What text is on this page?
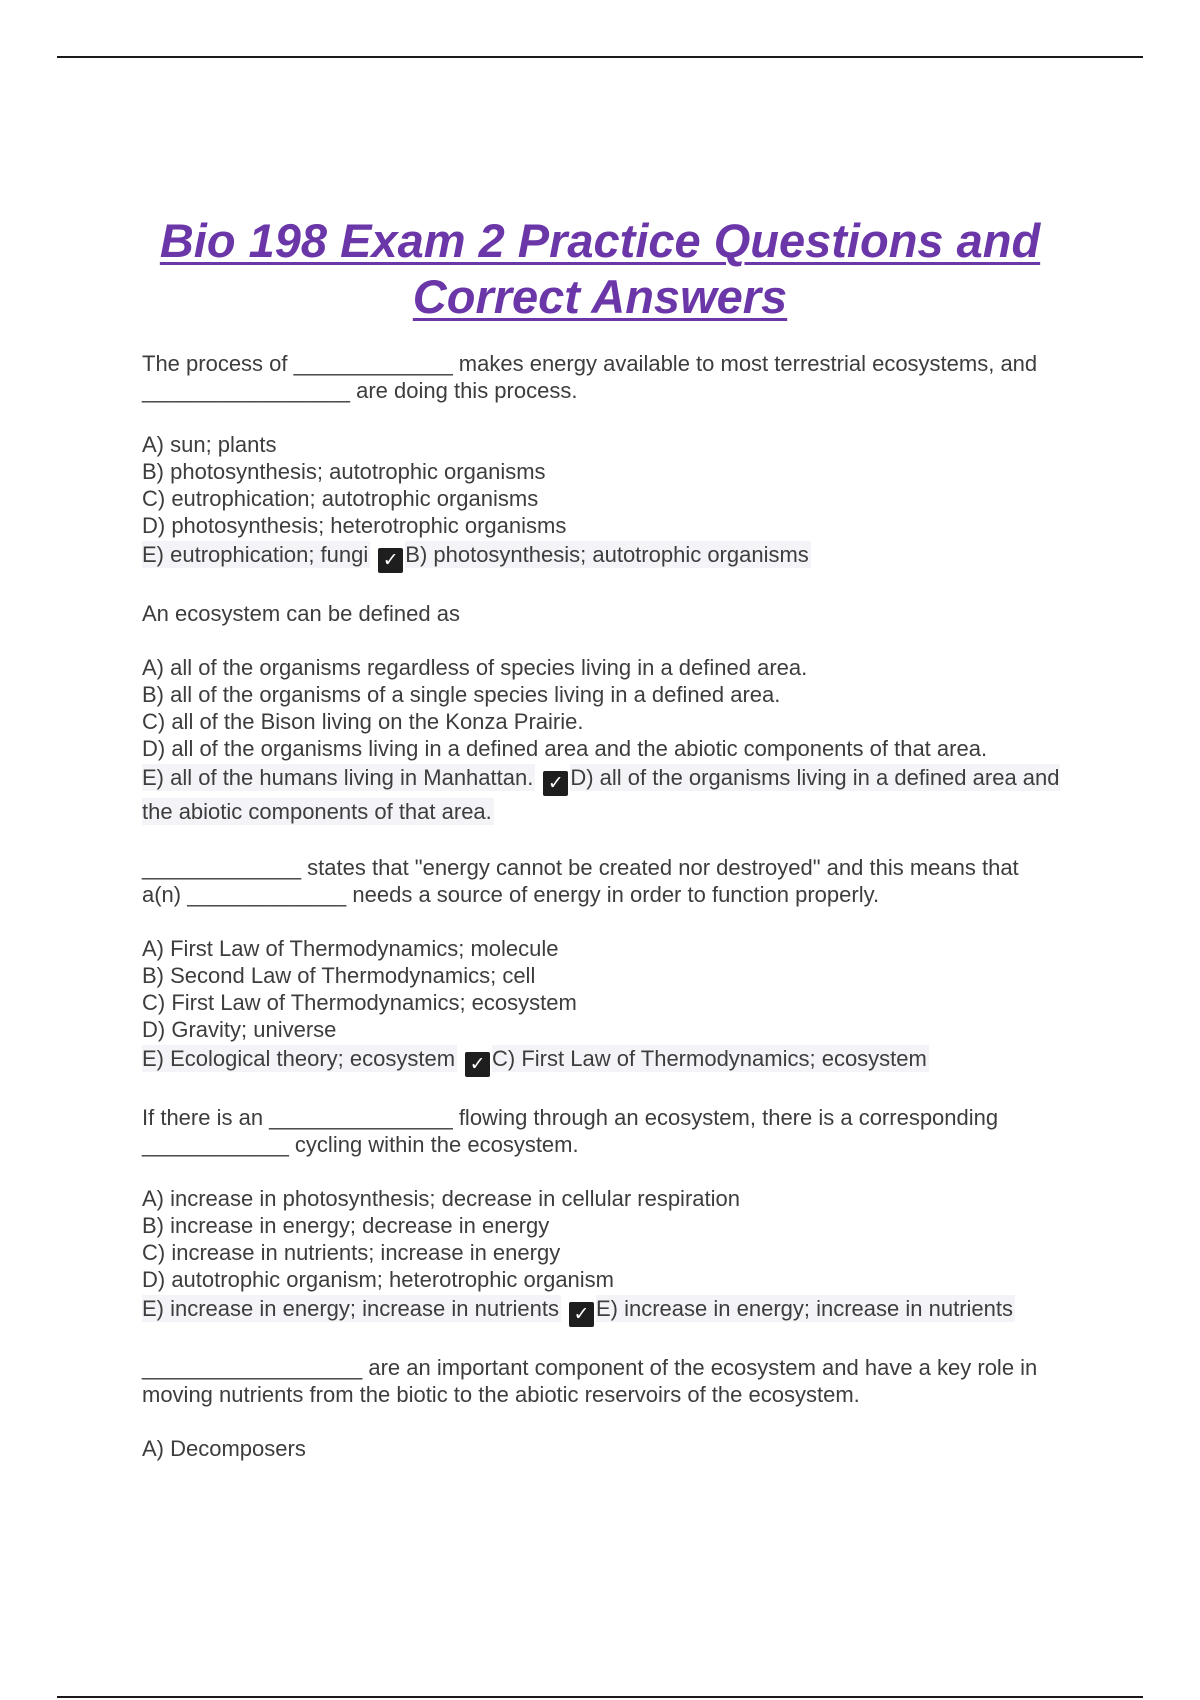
Bio 198 Exam 2 Practice Questions and
Correct Answers

The process of _____________ makes energy available to most terrestrial ecosystems, and _________________ are doing this process.

A) sun; plants
B) photosynthesis; autotrophic organisms
C) eutrophication; autotrophic organisms
D) photosynthesis; heterotrophic organisms
E) eutrophication; fungi ✓ B) photosynthesis; autotrophic organisms

An ecosystem can be defined as

A) all of the organisms regardless of species living in a defined area.
B) all of the organisms of a single species living in a defined area.
C) all of the Bison living on the Konza Prairie.
D) all of the organisms living in a defined area and the abiotic components of that area.
E) all of the humans living in Manhattan. ✓ D) all of the organisms living in a defined area and the abiotic components of that area.

_____________ states that "energy cannot be created nor destroyed" and this means that a(n) _____________ needs a source of energy in order to function properly.

A) First Law of Thermodynamics; molecule
B) Second Law of Thermodynamics; cell
C) First Law of Thermodynamics; ecosystem
D) Gravity; universe
E) Ecological theory; ecosystem ✓ C) First Law of Thermodynamics; ecosystem

If there is an _______________ flowing through an ecosystem, there is a corresponding ____________ cycling within the ecosystem.

A) increase in photosynthesis; decrease in cellular respiration
B) increase in energy; decrease in energy
C) increase in nutrients; increase in energy
D) autotrophic organism; heterotrophic organism
E) increase in energy; increase in nutrients ✓ E) increase in energy; increase in nutrients

__________________ are an important component of the ecosystem and have a key role in moving nutrients from the biotic to the abiotic reservoirs of the ecosystem.

A) Decomposers
